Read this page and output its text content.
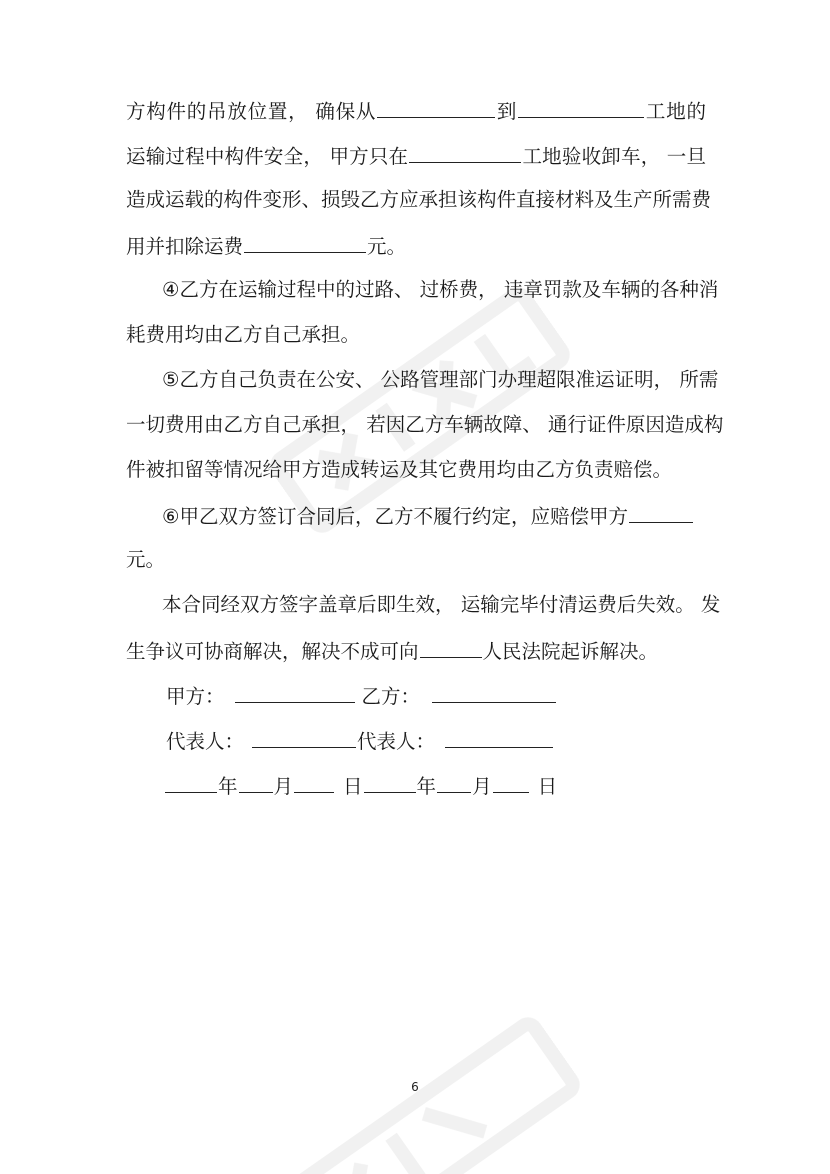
方构件的吊放位置， 确保从	到	工地的
运输过程中构件安全， 甲方只在	工地验收卸车， 一旦
造成运载的构件变形、损毁乙方应承担该构件直接材料及生产所需费
用并扣除运费	元。
④乙方在运输过程中的过路、 过桥费， 违章罚款及车辆的各种消
耗费用均由乙方自己承担。
⑤乙方自己负责在公安、 公路管理部门办理超限准运证明， 所需
一切费用由乙方自己承担， 若因乙方车辆故障、 通行证件原因造成构
件被扣留等情况给甲方造成转运及其它费用均由乙方负责赔偿。
⑥甲乙双方签订合同后，乙方不履行约定，应赔偿甲方
元。
本合同经双方签字盖章后即生效， 运输完毕付清运费后失效。 发
生争议可协商解决，解决不成可向	人民法院起诉解决。
甲方：	乙方：
代表人：	代表人：
年 月	日	年 月 日
6
